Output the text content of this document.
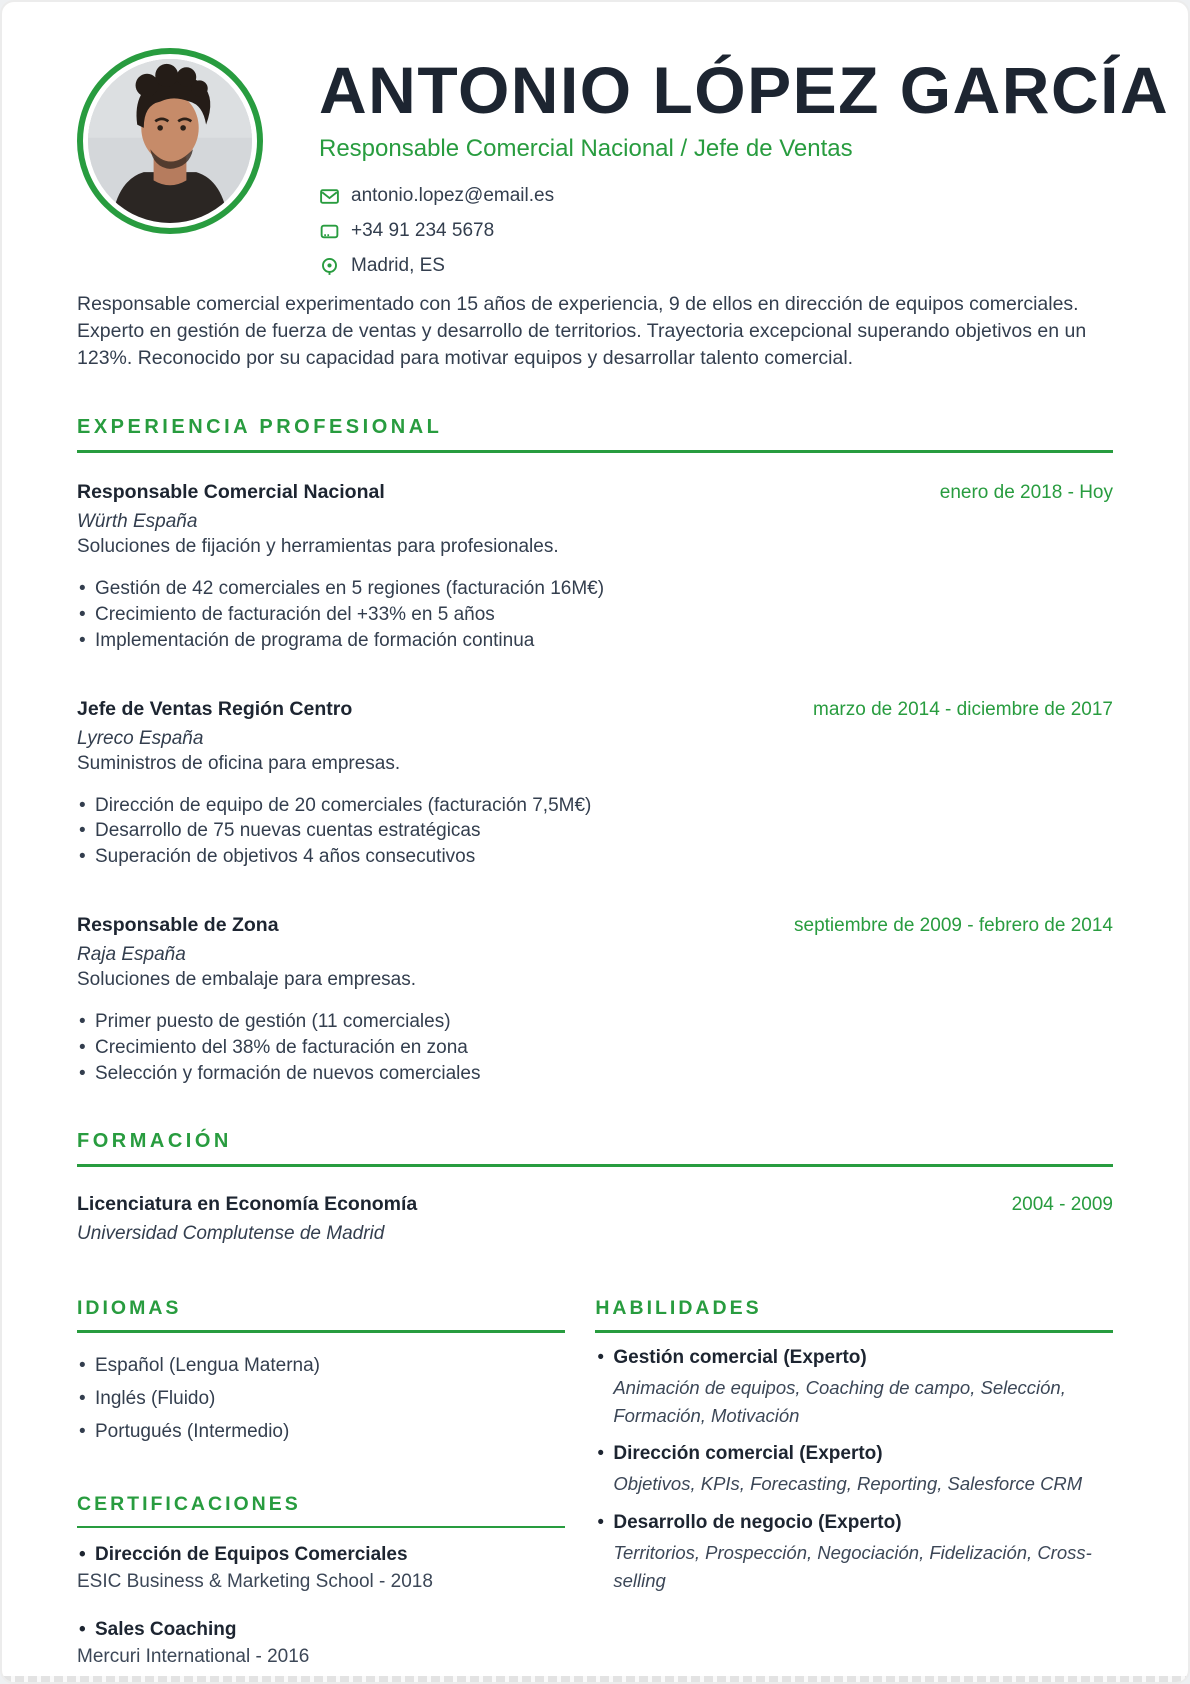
ANTONIO LÓPEZ GARCÍA
Responsable Comercial Nacional / Jefe de Ventas
antonio.lopez@email.es
+34 91 234 5678
Madrid, ES

Responsable comercial experimentado con 15 años de experiencia, 9 de ellos en dirección de equipos comerciales. Experto en gestión de fuerza de ventas y desarrollo de territorios. Trayectoria excepcional superando objetivos en un 123%. Reconocido por su capacidad para motivar equipos y desarrollar talento comercial.

EXPERIENCIA PROFESIONAL
Responsable Comercial Nacional	enero de 2018 - Hoy
Würth España
Soluciones de fijación y herramientas para profesionales.
• Gestión de 42 comerciales en 5 regiones (facturación 16M€)
• Crecimiento de facturación del +33% en 5 años
• Implementación de programa de formación continua
Jefe de Ventas Región Centro	marzo de 2014 - diciembre de 2017
Lyreco España
Suministros de oficina para empresas.
• Dirección de equipo de 20 comerciales (facturación 7,5M€)
• Desarrollo de 75 nuevas cuentas estratégicas
• Superación de objetivos 4 años consecutivos
Responsable de Zona	septiembre de 2009 - febrero de 2014
Raja España
Soluciones de embalaje para empresas.
• Primer puesto de gestión (11 comerciales)
• Crecimiento del 38% de facturación en zona
• Selección y formación de nuevos comerciales
FORMACIÓN
Licenciatura en Economía Economía	2004 - 2009
Universidad Complutense de Madrid
IDIOMAS
• Español (Lengua Materna)
• Inglés (Fluido)
• Portugués (Intermedio)
CERTIFICACIONES
• Dirección de Equipos Comerciales
ESIC Business & Marketing School - 2018
• Sales Coaching
Mercuri International - 2016
HABILIDADES
• Gestión comercial (Experto)
Animación de equipos, Coaching de campo, Selección, Formación, Motivación
• Dirección comercial (Experto)
Objetivos, KPIs, Forecasting, Reporting, Salesforce CRM
• Desarrollo de negocio (Experto)
Territorios, Prospección, Negociación, Fidelización, Cross-selling
